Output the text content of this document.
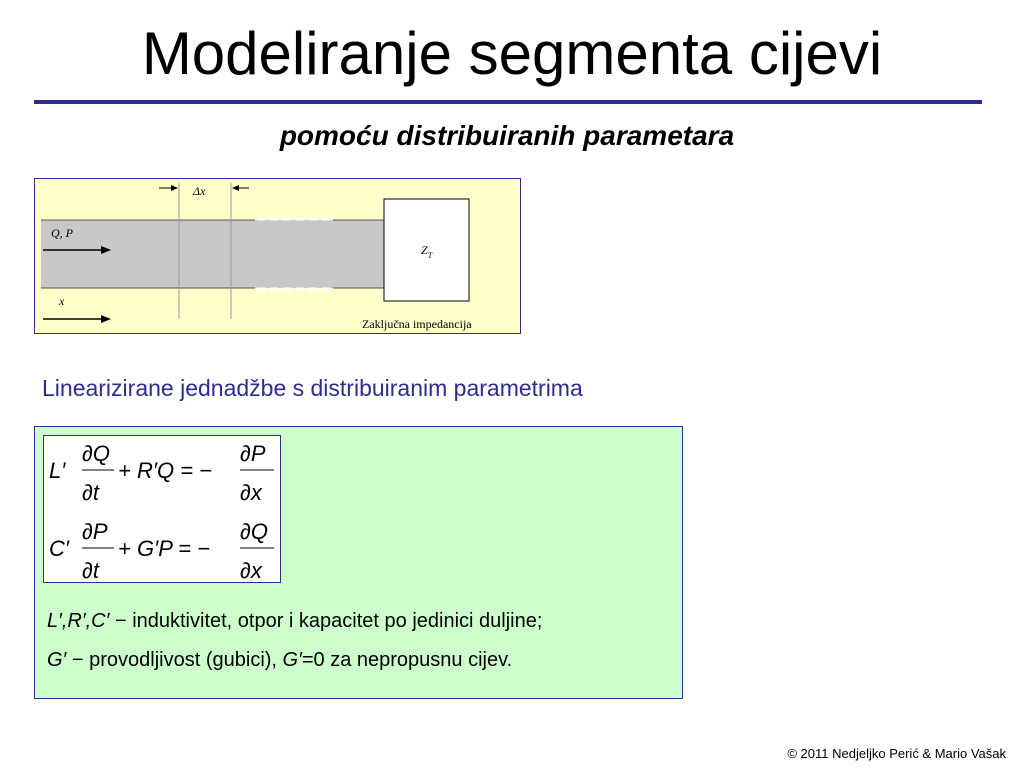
Modeliranje segmenta cijevi
pomoću distribuiranih parametara
Δx
Q, P
x
$Z_T$
Zaključna impedancija
Linearizirane jednadžbe s distribuiranim parametrima
L′
∂Q
∂t
+ R′Q = −
∂P
∂x
C′
∂P
∂t
+ G′P = −
∂Q
∂x
L′,R′,C′ − induktivitet, otpor i kapacitet po jedinici duljine;
G′ − provodljivost (gubici), G′=0 za nepropusnu cijev.
© 2011 Nedjeljko Perić & Mario Vašak
